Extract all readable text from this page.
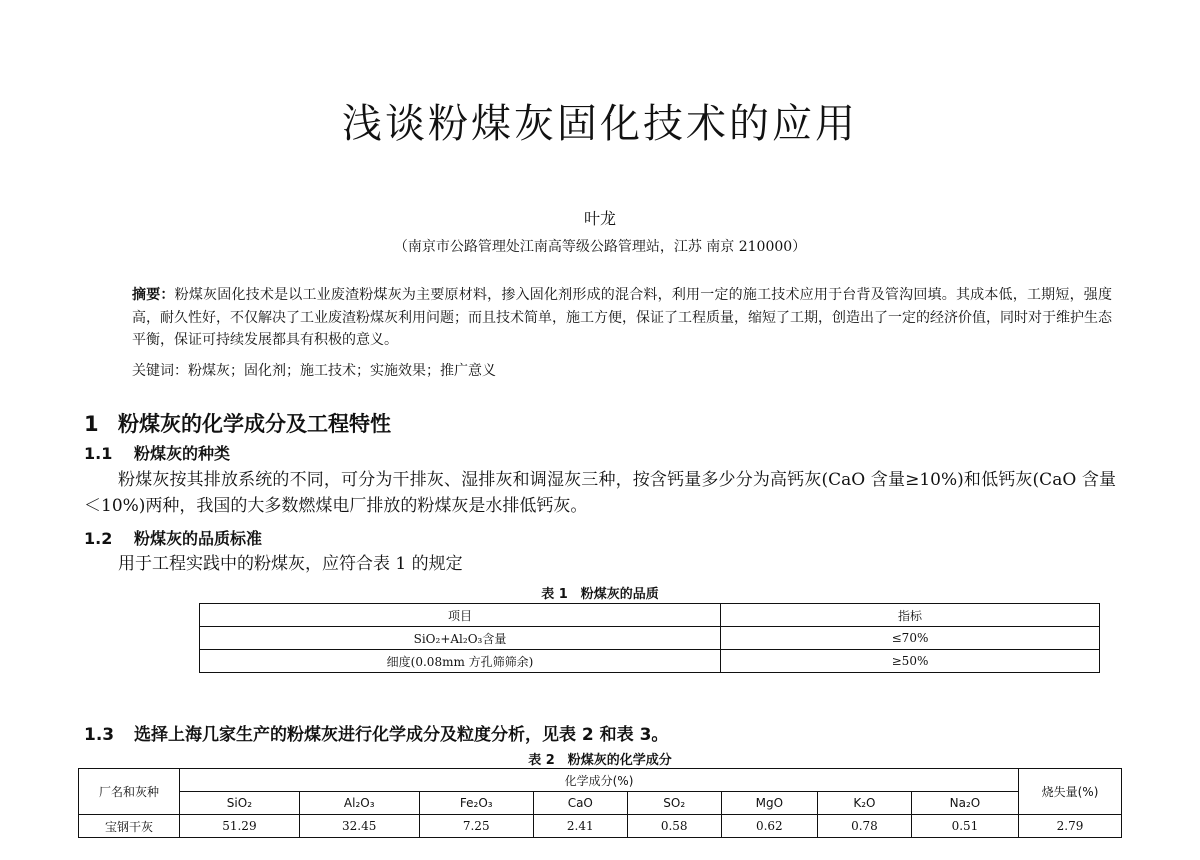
浅谈粉煤灰固化技术的应用
叶龙
（南京市公路管理处江南高等级公路管理站，江苏 南京 210000）
摘要：粉煤灰固化技术是以工业废渣粉煤灰为主要原材料，掺入固化剂形成的混合料，利用一定的施工技术应用于台背及管沟回填。其成本低，工期短，强度高，耐久性好，不仅解决了工业废渣粉煤灰利用问题；而且技术简单，施工方便，保证了工程质量，缩短了工期，创造出了一定的经济价值，同时对于维护生态平衡，保证可持续发展都具有积极的意义。
关键词：粉煤灰；固化剂；施工技术；实施效果；推广意义
1 粉煤灰的化学成分及工程特性
1.1 粉煤灰的种类
粉煤灰按其排放系统的不同，可分为干排灰、湿排灰和调湿灰三种，按含钙量多少分为高钙灰(CaO 含量≥10%)和低钙灰(CaO 含量＜10%)两种，我国的大多数燃煤电厂排放的粉煤灰是水排低钙灰。
1.2 粉煤灰的品质标准
用于工程实践中的粉煤灰，应符合表 1 的规定
表 1　粉煤灰的品质
项目	指标
SiO₂+Al₂O₃含量	≤70%
细度(0.08mm 方孔筛筛余)	≥50%
1.3 选择上海几家生产的粉煤灰进行化学成分及粒度分析，见表 2 和表 3。
表 2　粉煤灰的化学成分
厂名和灰种	化学成分(%)								烧失量(%)
	SiO₂	Al₂O₃	Fe₂O₃	CaO	SO₂	MgO	K₂O	Na₂O	
宝钢干灰	51.29	32.45	7.25	2.41	0.58	0.62	0.78	0.51	2.79
